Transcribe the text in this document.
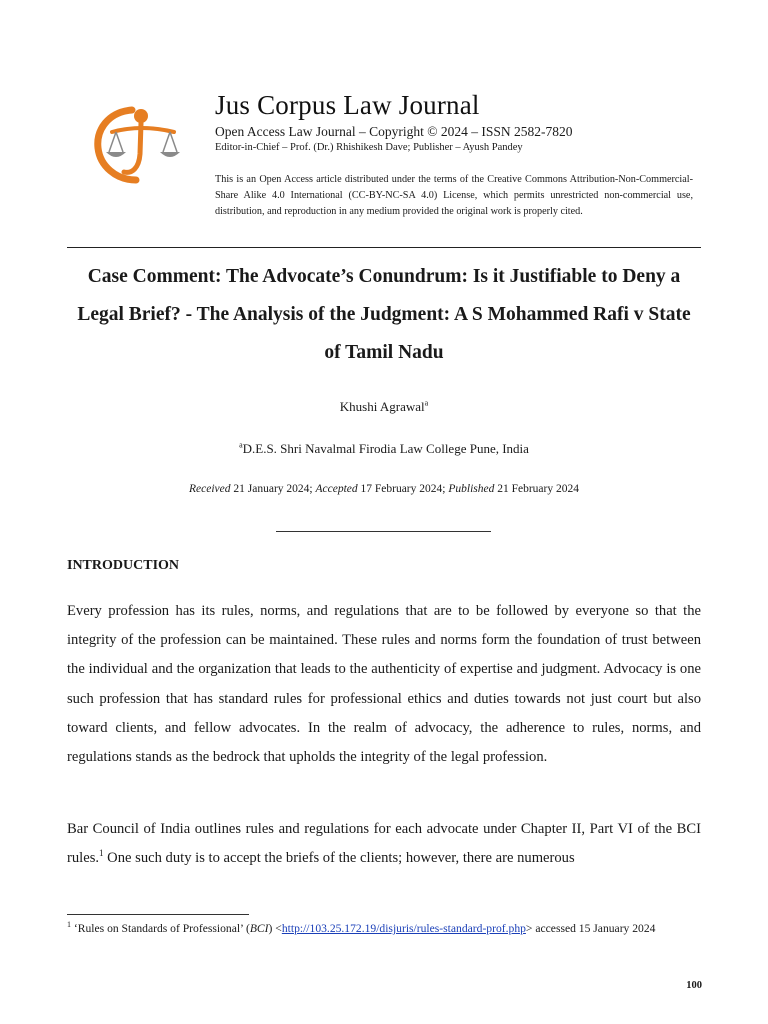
Jus Corpus Law Journal
Open Access Law Journal – Copyright © 2024 – ISSN 2582-7820
Editor-in-Chief – Prof. (Dr.) Rhishikesh Dave; Publisher – Ayush Pandey
This is an Open Access article distributed under the terms of the Creative Commons Attribution-Non-Commercial-Share Alike 4.0 International (CC-BY-NC-SA 4.0) License, which permits unrestricted non-commercial use, distribution, and reproduction in any medium provided the original work is properly cited.
Case Comment: The Advocate’s Conundrum: Is it Justifiable to Deny a Legal Brief? - The Analysis of the Judgment: A S Mohammed Rafi v State of Tamil Nadu
Khushi Agrawal$^a$
$^a$D.E.S. Shri Navalmal Firodia Law College Pune, India
Received 21 January 2024; Accepted 17 February 2024; Published 21 February 2024
INTRODUCTION
Every profession has its rules, norms, and regulations that are to be followed by everyone so that the integrity of the profession can be maintained. These rules and norms form the foundation of trust between the individual and the organization that leads to the authenticity of expertise and judgment. Advocacy is one such profession that has standard rules for professional ethics and duties towards not just court but also toward clients, and fellow advocates. In the realm of advocacy, the adherence to rules, norms, and regulations stands as the bedrock that upholds the integrity of the legal profession.
Bar Council of India outlines rules and regulations for each advocate under Chapter II, Part VI of the BCI rules.$^1$ One such duty is to accept the briefs of the clients; however, there are numerous
$^1$ ‘Rules on Standards of Professional’ (BCI) <http://103.25.172.19/disjuris/rules-standard-prof.php> accessed 15 January 2024
100
